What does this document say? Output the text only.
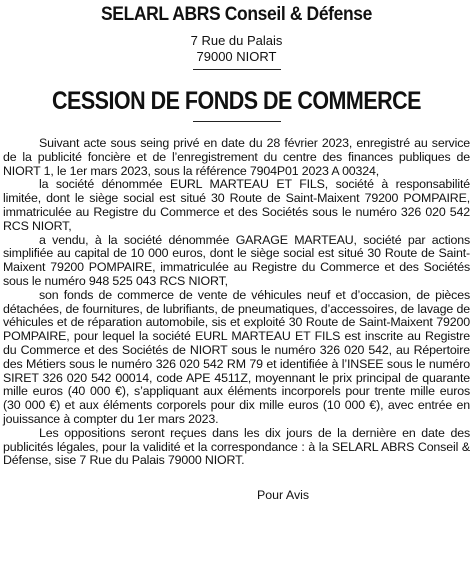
SELARL ABRS Conseil & Défense
7 Rue du Palais
79000 NIORT
CESSION DE FONDS DE COMMERCE

Suivant acte sous seing privé en date du 28 février 2023, enregistré au service de la publicité foncière et de l’enregistrement du centre des finances publiques de NIORT 1, le 1er mars 2023, sous la référence 7904P01 2023 A 00324,

la société dénommée EURL MARTEAU ET FILS, société à responsabilité limitée, dont le siège social est situé 30 Route de Saint-Maixent 79200 POMPAIRE, immatriculée au Registre du Commerce et des Sociétés sous le numéro 326 020 542 RCS NIORT,

a vendu, à la société dénommée GARAGE MARTEAU, société par actions simplifiée au capital de 10 000 euros, dont le siège social est situé 30 Route de Saint-Maixent 79200 POMPAIRE, immatriculée au Registre du Commerce et des Sociétés sous le numéro 948 525 043 RCS NIORT,

son fonds de commerce de vente de véhicules neuf et d’occasion, de pièces détachées, de fournitures, de lubrifiants, de pneumatiques, d’accessoires, de lavage de véhicules et de réparation automobile, sis et exploité 30 Route de Saint-Maixent 79200 POMPAIRE, pour lequel la société EURL MARTEAU ET FILS est inscrite au Registre du Commerce et des Sociétés de NIORT sous le numéro 326 020 542, au Répertoire des Métiers sous le numéro 326 020 542 RM 79 et identifiée à l’INSEE sous le numéro SIRET 326 020 542 00014, code APE 4511Z, moyennant le prix principal de quarante mille euros (40 000 €), s’appliquant aux éléments incorporels pour trente mille euros (30 000 €) et aux éléments corporels pour dix mille euros (10 000 €), avec entrée en jouissance à compter du 1er mars 2023.

Les oppositions seront reçues dans les dix jours de la dernière en date des publicités légales, pour la validité et la correspondance : à la SELARL ABRS Conseil & Défense, sise 7 Rue du Palais 79000 NIORT.

Pour Avis
